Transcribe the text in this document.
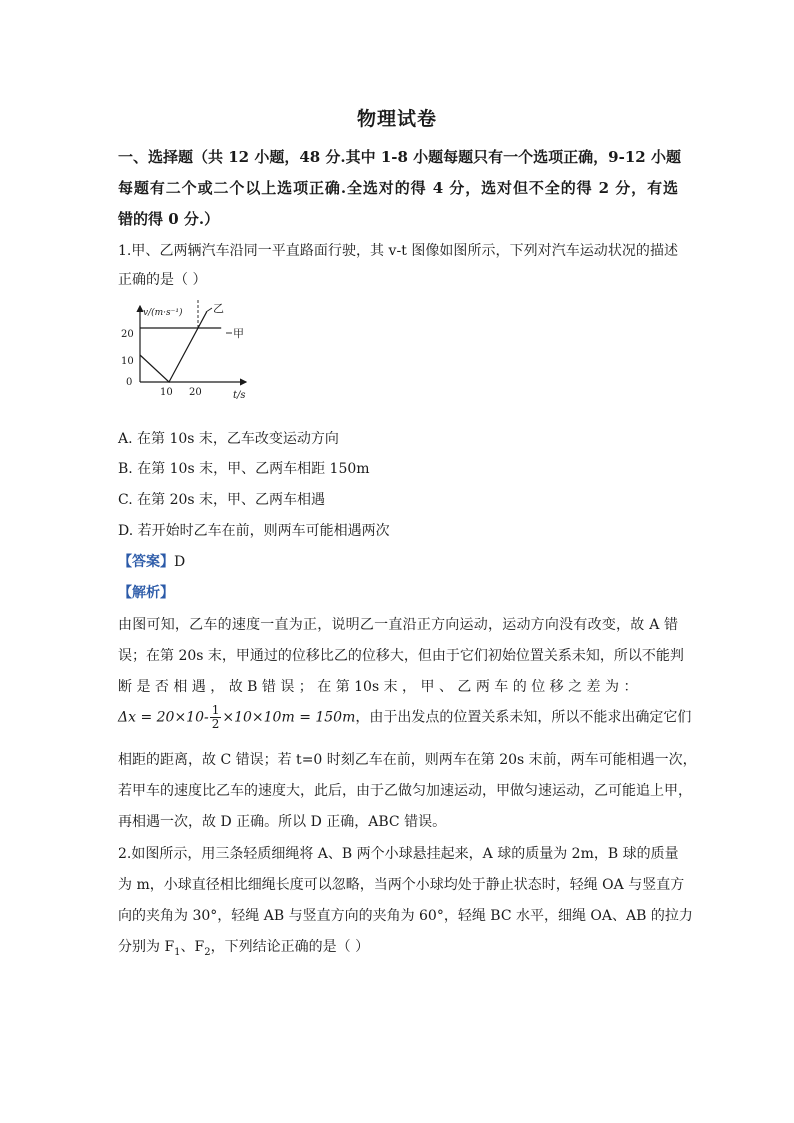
物理试卷
一、选择题（共 12 小题，48 分.其中 1-8 小题每题只有一个选项正确，9-12 小题
每题有二个或二个以上选项正确.全选对的得 4 分，选对但不全的得 2 分，有选
错的得 0 分.）
1.甲、乙两辆汽车沿同一平直路面行驶，其 v-t 图像如图所示，下列对汽车运动状况的描述
正确的是（ ）
v/(m·s⁻¹)	乙
甲
20
10
0
10 20	t/s
A. 在第 10s 末，乙车改变运动方向
B. 在第 10s 末，甲、乙两车相距 150m
C. 在第 20s 末，甲、乙两车相遇
D. 若开始时乙车在前，则两车可能相遇两次
【答案】D
【解析】
由图可知，乙车的速度一直为正，说明乙一直沿正方向运动，运动方向没有改变，故 A 错
误；在第 20s 末，甲通过的位移比乙的位移大，但由于它们初始位置关系未知，所以不能判
断 是 否 相 遇 ， 故 B 错 误 ； 在 第 10s 末 ， 甲 、 乙 两 车 的 位 移 之 差 为 ：
$\Delta x = 20\times 10- \frac{1}{2} \times 10\times 10m = 150m$，由于出发点的位置关系未知，所以不能求出确定它们
相距的距离，故 C 错误；若 t=0 时刻乙车在前，则两车在第 20s 末前，两车可能相遇一次，
若甲车的速度比乙车的速度大，此后，由于乙做匀加速运动，甲做匀速运动，乙可能追上甲，
再相遇一次，故 D 正确。所以 D 正确，ABC 错误。
2.如图所示，用三条轻质细绳将 A、B 两个小球悬挂起来，A 球的质量为 2m，B 球的质量
为 m，小球直径相比细绳长度可以忽略，当两个小球均处于静止状态时，轻绳 OA 与竖直方
向的夹角为 30°，轻绳 AB 与竖直方向的夹角为 60°，轻绳 BC 水平，细绳 OA、AB 的拉力
分别为 $F_1$、$F_2$，下列结论正确的是（ ）
